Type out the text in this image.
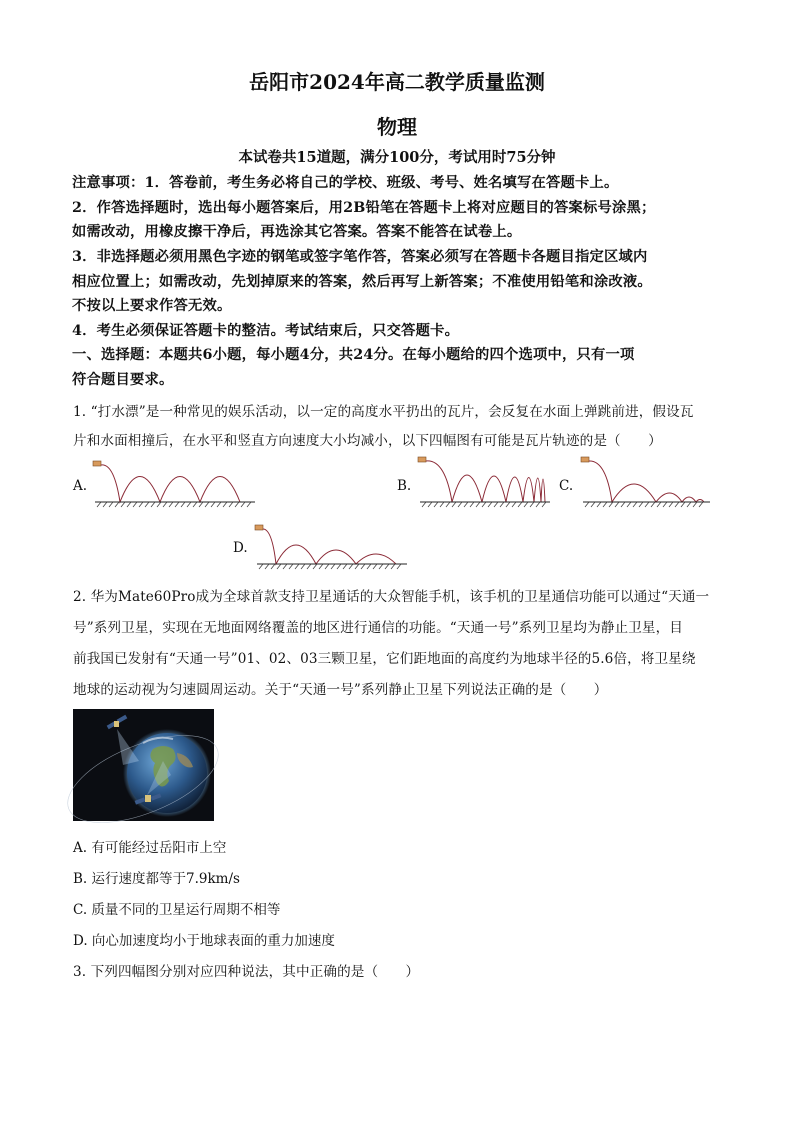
岳阳市2024年高二教学质量监测
物理
本试卷共15道题，满分100分，考试用时75分钟
注意事项：1．答卷前，考生务必将自己的学校、班级、考号、姓名填写在答题卡上。
2．作答选择题时，选出每小题答案后，用2B铅笔在答题卡上将对应题目的答案标号涂黑；
如需改动，用橡皮擦干净后，再选涂其它答案。答案不能答在试卷上。
3．非选择题必须用黑色字迹的钢笔或签字笔作答，答案必须写在答题卡各题目指定区域内
相应位置上；如需改动，先划掉原来的答案，然后再写上新答案；不准使用铅笔和涂改液。
不按以上要求作答无效。
4．考生必须保证答题卡的整洁。考试结束后，只交答题卡。
一、选择题：本题共6小题，每小题4分，共24分。在每小题给的四个选项中，只有一项
符合题目要求。
1. “打水漂”是一种常见的娱乐活动，以一定的高度水平扔出的瓦片，会反复在水面上弹跳前进，假设瓦
片和水面相撞后，在水平和竖直方向速度大小均减小，以下四幅图有可能是瓦片轨迹的是（　　）
A.	B.	C.
D.
2. 华为Mate60Pro成为全球首款支持卫星通话的大众智能手机，该手机的卫星通信功能可以通过“天通一
号”系列卫星，实现在无地面网络覆盖的地区进行通信的功能。“天通一号”系列卫星均为静止卫星，目
前我国已发射有“天通一号”01、02、03三颗卫星，它们距地面的高度约为地球半径的5.6倍，将卫星绕
地球的运动视为匀速圆周运动。关于“天通一号”系列静止卫星下列说法正确的是（　　）
A. 有可能经过岳阳市上空
B. 运行速度都等于7.9km/s
C. 质量不同的卫星运行周期不相等
D. 向心加速度均小于地球表面的重力加速度
3. 下列四幅图分别对应四种说法，其中正确的是（　　）
